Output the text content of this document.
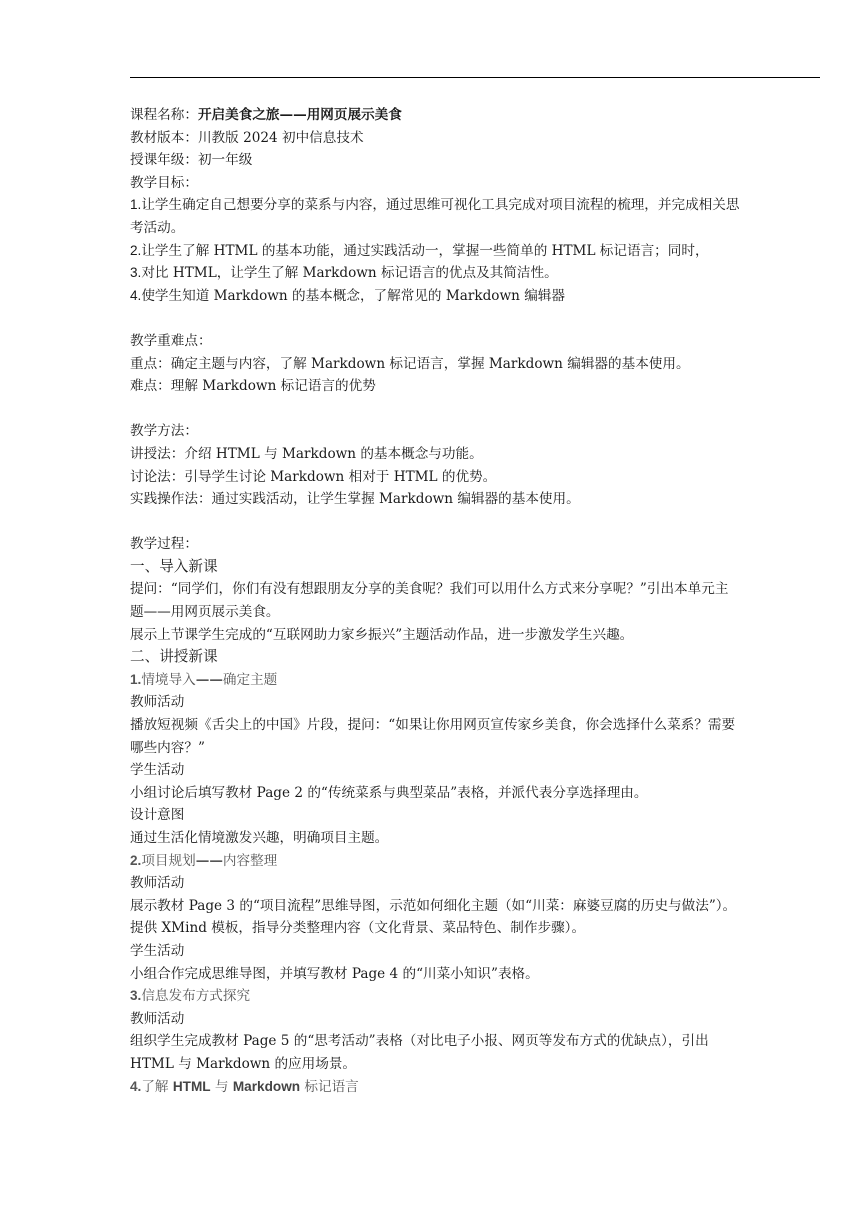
课程名称：开启美食之旅——用网页展示美食
教材版本：川教版 2024 初中信息技术
授课年级：初一年级
教学目标：
1.让学生确定自己想要分享的菜系与内容，通过思维可视化工具完成对项目流程的梳理，并完成相关思考活动。
2.让学生了解 HTML 的基本功能，通过实践活动一，掌握一些简单的 HTML 标记语言；同时，
3.对比 HTML，让学生了解 Markdown 标记语言的优点及其简洁性。
4.使学生知道 Markdown 的基本概念，了解常见的 Markdown 编辑器
教学重难点：
重点：确定主题与内容，了解 Markdown 标记语言，掌握 Markdown 编辑器的基本使用。
难点：理解 Markdown 标记语言的优势
教学方法：
讲授法：介绍 HTML 与 Markdown 的基本概念与功能。
讨论法：引导学生讨论 Markdown 相对于 HTML 的优势。
实践操作法：通过实践活动，让学生掌握 Markdown 编辑器的基本使用。
教学过程：
一、导入新课
提问：“同学们，你们有没有想跟朋友分享的美食呢？我们可以用什么方式来分享呢？”引出本单元主题——用网页展示美食。
展示上节课学生完成的“互联网助力家乡振兴”主题活动作品，进一步激发学生兴趣。
二、讲授新课
1.情境导入——确定主题
教师活动
播放短视频《舌尖上的中国》片段，提问：“如果让你用网页宣传家乡美食，你会选择什么菜系？需要哪些内容？”
学生活动
小组讨论后填写教材 Page 2 的“传统菜系与典型菜品”表格，并派代表分享选择理由。
设计意图
通过生活化情境激发兴趣，明确项目主题。
2.项目规划——内容整理
教师活动
展示教材 Page 3 的“项目流程”思维导图，示范如何细化主题（如“川菜：麻婆豆腐的历史与做法”）。提供 XMind 模板，指导分类整理内容（文化背景、菜品特色、制作步骤）。
学生活动
小组合作完成思维导图，并填写教材 Page 4 的“川菜小知识”表格。
3.信息发布方式探究
教师活动
组织学生完成教材 Page 5 的“思考活动”表格（对比电子小报、网页等发布方式的优缺点），引出 HTML 与 Markdown 的应用场景。
4.了解 HTML 与 Markdown 标记语言
